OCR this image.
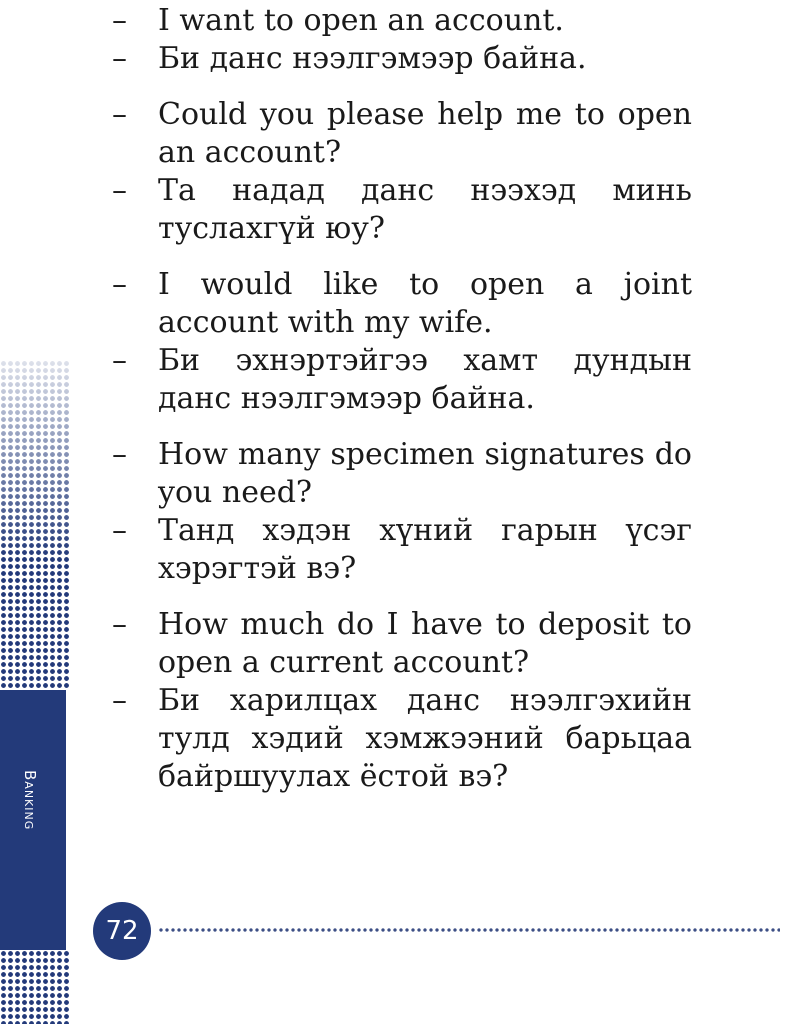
Banking
–	I want to open an account.
–	Би данс нээлгэмээр байна.
–	Could you please help me to open an account?
–	Та надад данс нээхэд минь туслахгүй юу?
–	I would like to open a joint account with my wife.
–	Би эхнэртэйгээ хамт дундын данс нээлгэмээр байна.
–	How many specimen signatures do you need?
–	Танд хэдэн хүний гарын үсэг хэрэгтэй вэ?
–	How much do I have to deposit to open a current account?
–	Би харилцах данс нээлгэхийн тулд хэдий хэмжээний барьцаа байршуулах ёстой вэ?
72
